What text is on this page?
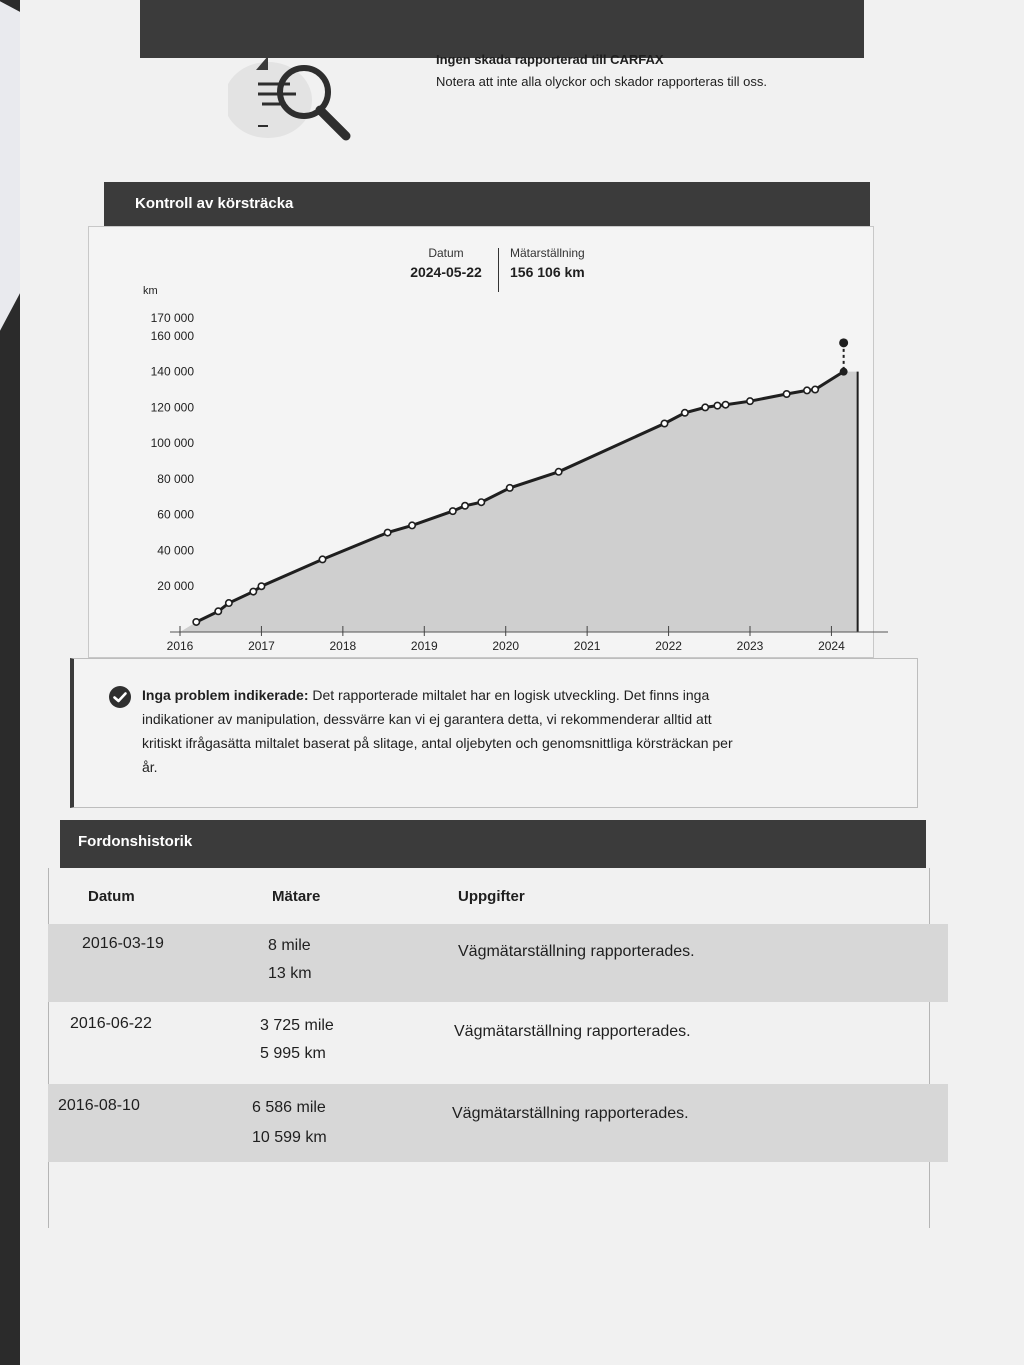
Ingen skada rapporterad till CARFAX
Notera att inte alla olyckor och skador rapporteras till oss.
Kontroll av körsträcka
km
170 000
160 000
140 000
120 000
100 000
80 000
60 000
40 000
20 000
2016	2017	2018	2019	2020	2021	2022	2023	2024
Datum
2024-05-22
Mätarställning
156 106 km
Inga problem indikerade: Det rapporterade miltalet har en logisk utveckling. Det finns inga
indikationer av manipulation, dessvärre kan vi ej garantera detta, vi rekommenderar alltid att
kritiskt ifrågasätta miltalet baserat på slitage, antal oljebyten och genomsnittliga körsträckan per
år.
Fordonshistorik
Datum	Mätare	Uppgifter
2016-03-19	8 mile
13 km
Vägmätarställning rapporterades.
2016-06-22	3 725 mile
5 995 km
Vägmätarställning rapporterades.
2016-08-10	6 586 mile
10 599 km
Vägmätarställning rapporterades.
